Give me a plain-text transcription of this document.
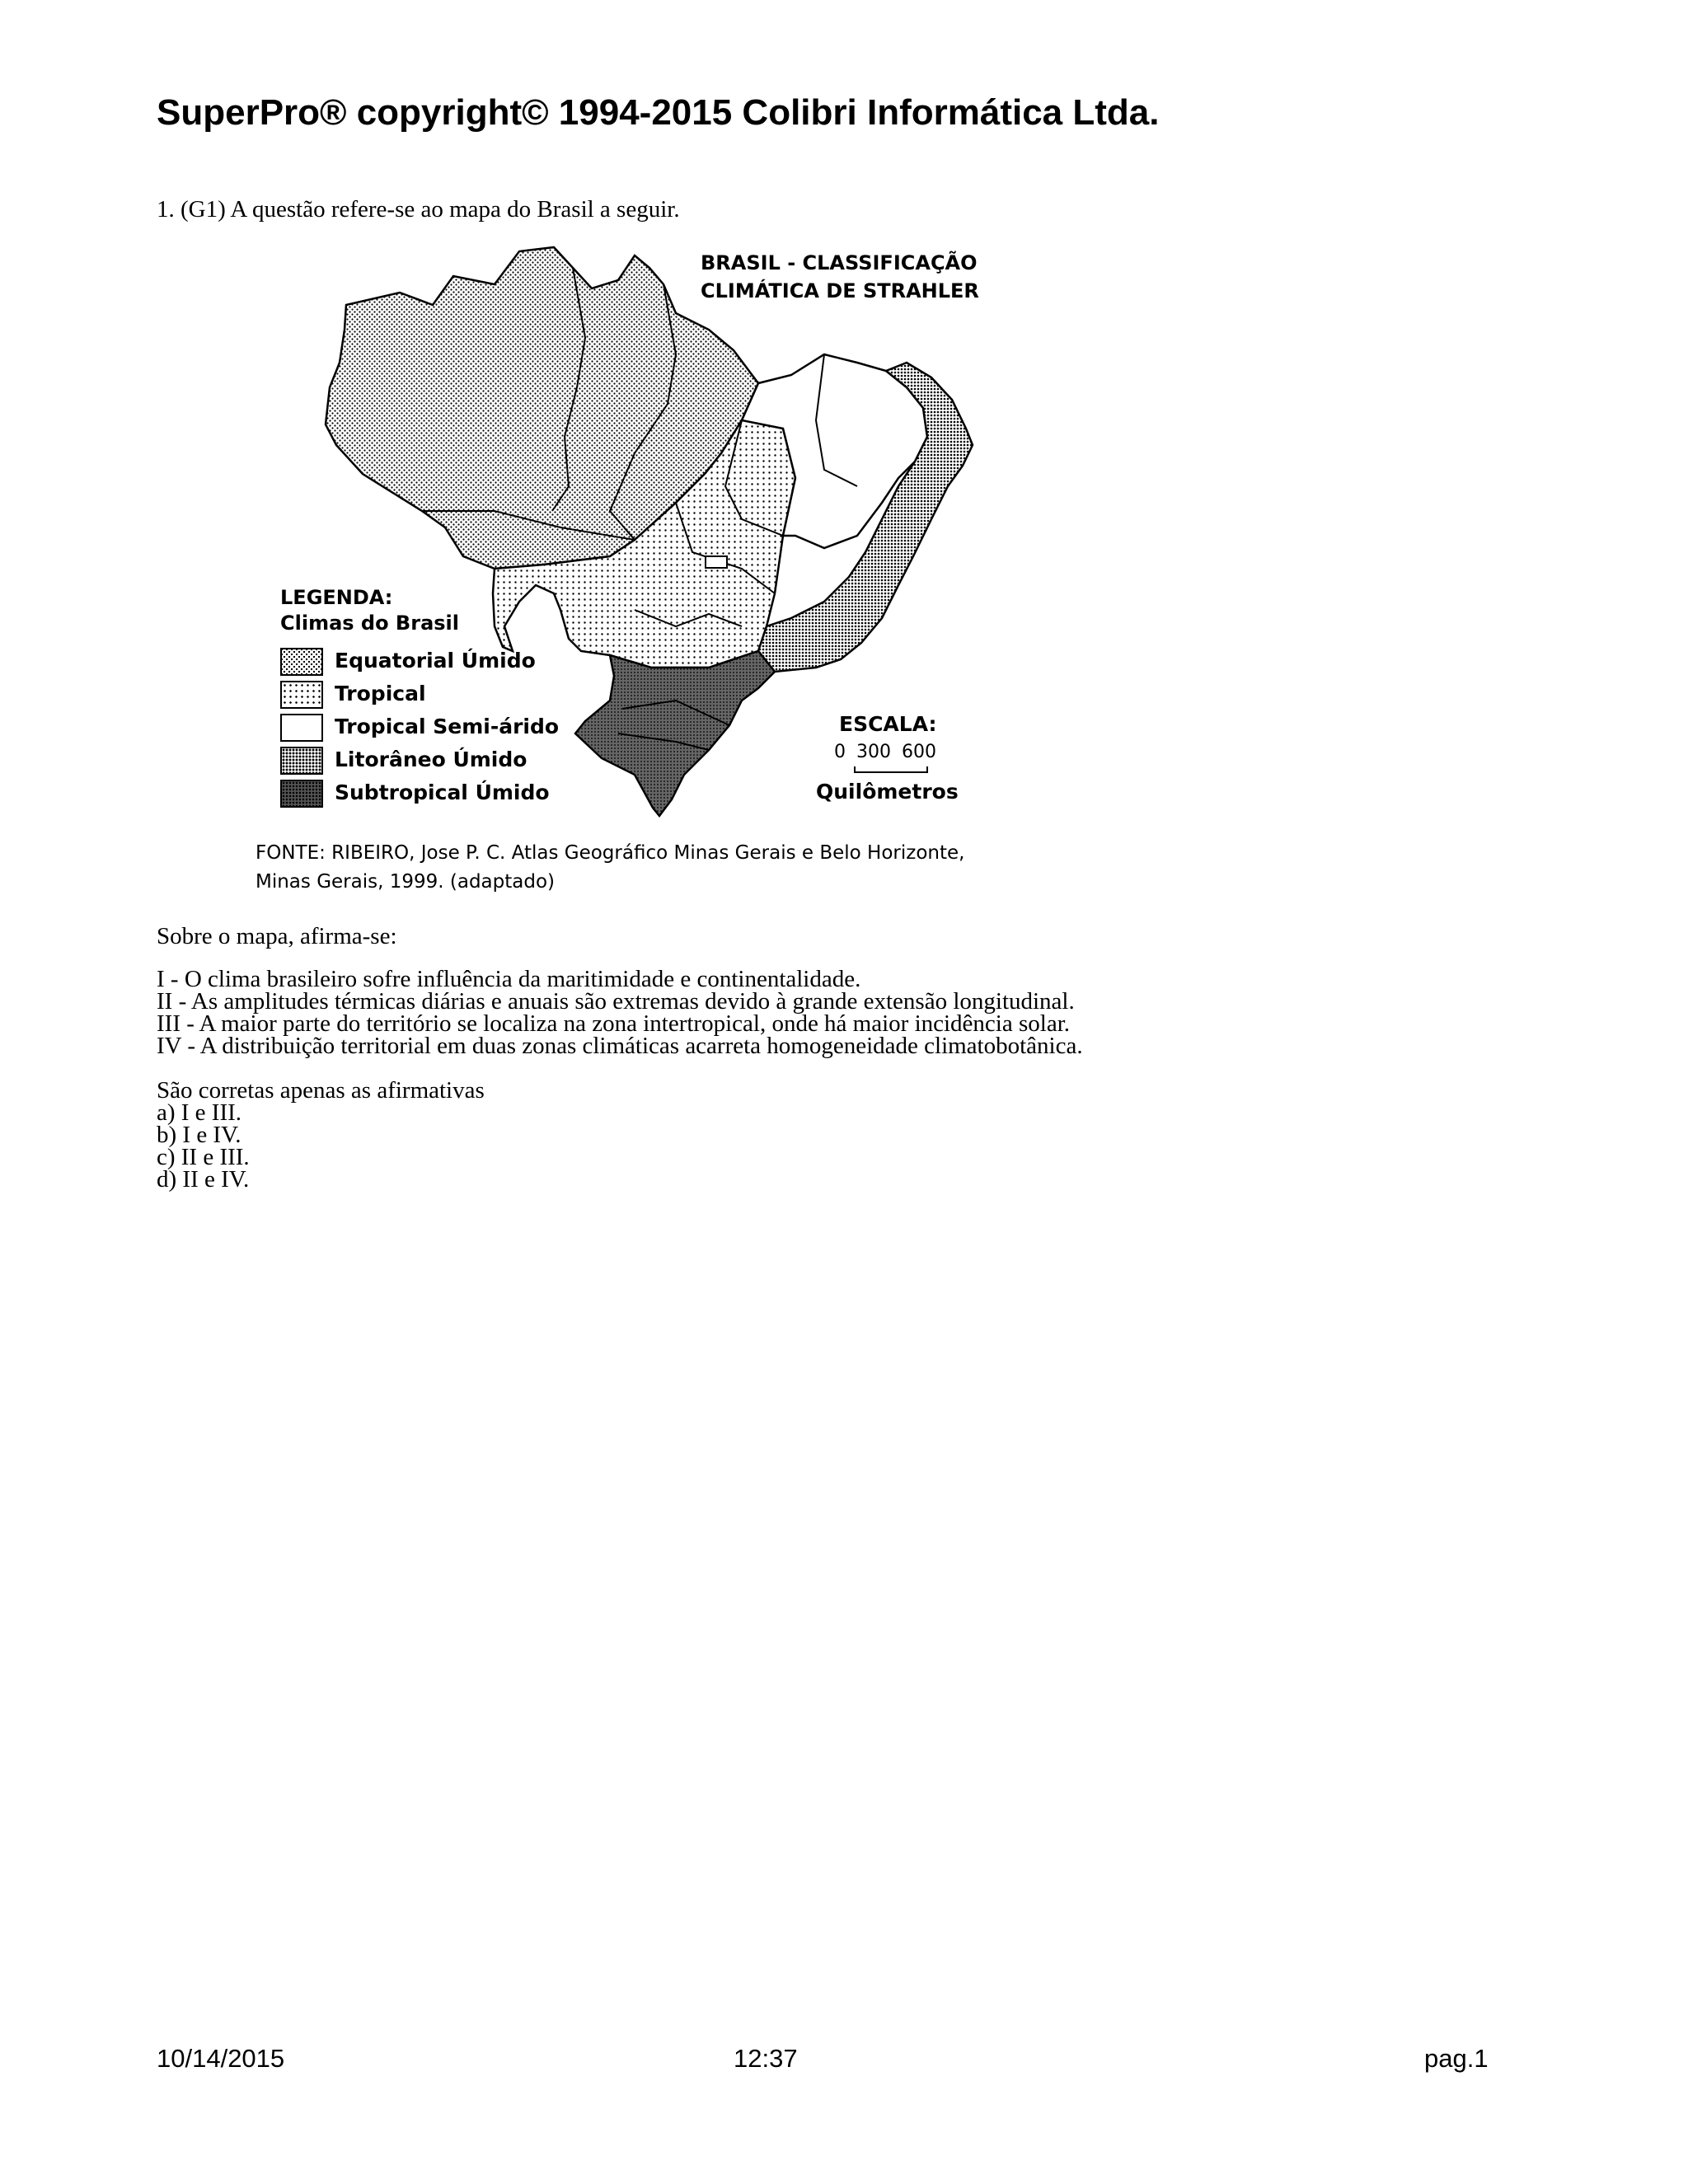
SuperPro® copyright© 1994-2015 Colibri Informática Ltda.
1. (G1) A questão refere-se ao mapa do Brasil a seguir.
BRASIL - CLASSIFICAÇÃO
CLIMÁTICA DE STRAHLER
LEGENDA:
Climas do Brasil
Equatorial Úmido
Tropical
Tropical Semi-árido
Litorâneo Úmido
Subtropical Úmido
ESCALA:
0 300 600
Quilômetros
FONTE: RIBEIRO, Jose P. C. Atlas Geográfico Minas Gerais e Belo Horizonte,
Minas Gerais, 1999. (adaptado)
Sobre o mapa, afirma-se:
I - O clima brasileiro sofre influência da maritimidade e continentalidade.
II - As amplitudes térmicas diárias e anuais são extremas devido à grande extensão longitudinal.
III - A maior parte do território se localiza na zona intertropical, onde há maior incidência solar.
IV - A distribuição territorial em duas zonas climáticas acarreta homogeneidade climatobotânica.
São corretas apenas as afirmativas
a) I e III.
b) I e IV.
c) II e III.
d) II e IV.
10/14/2015	12:37	pag.1
